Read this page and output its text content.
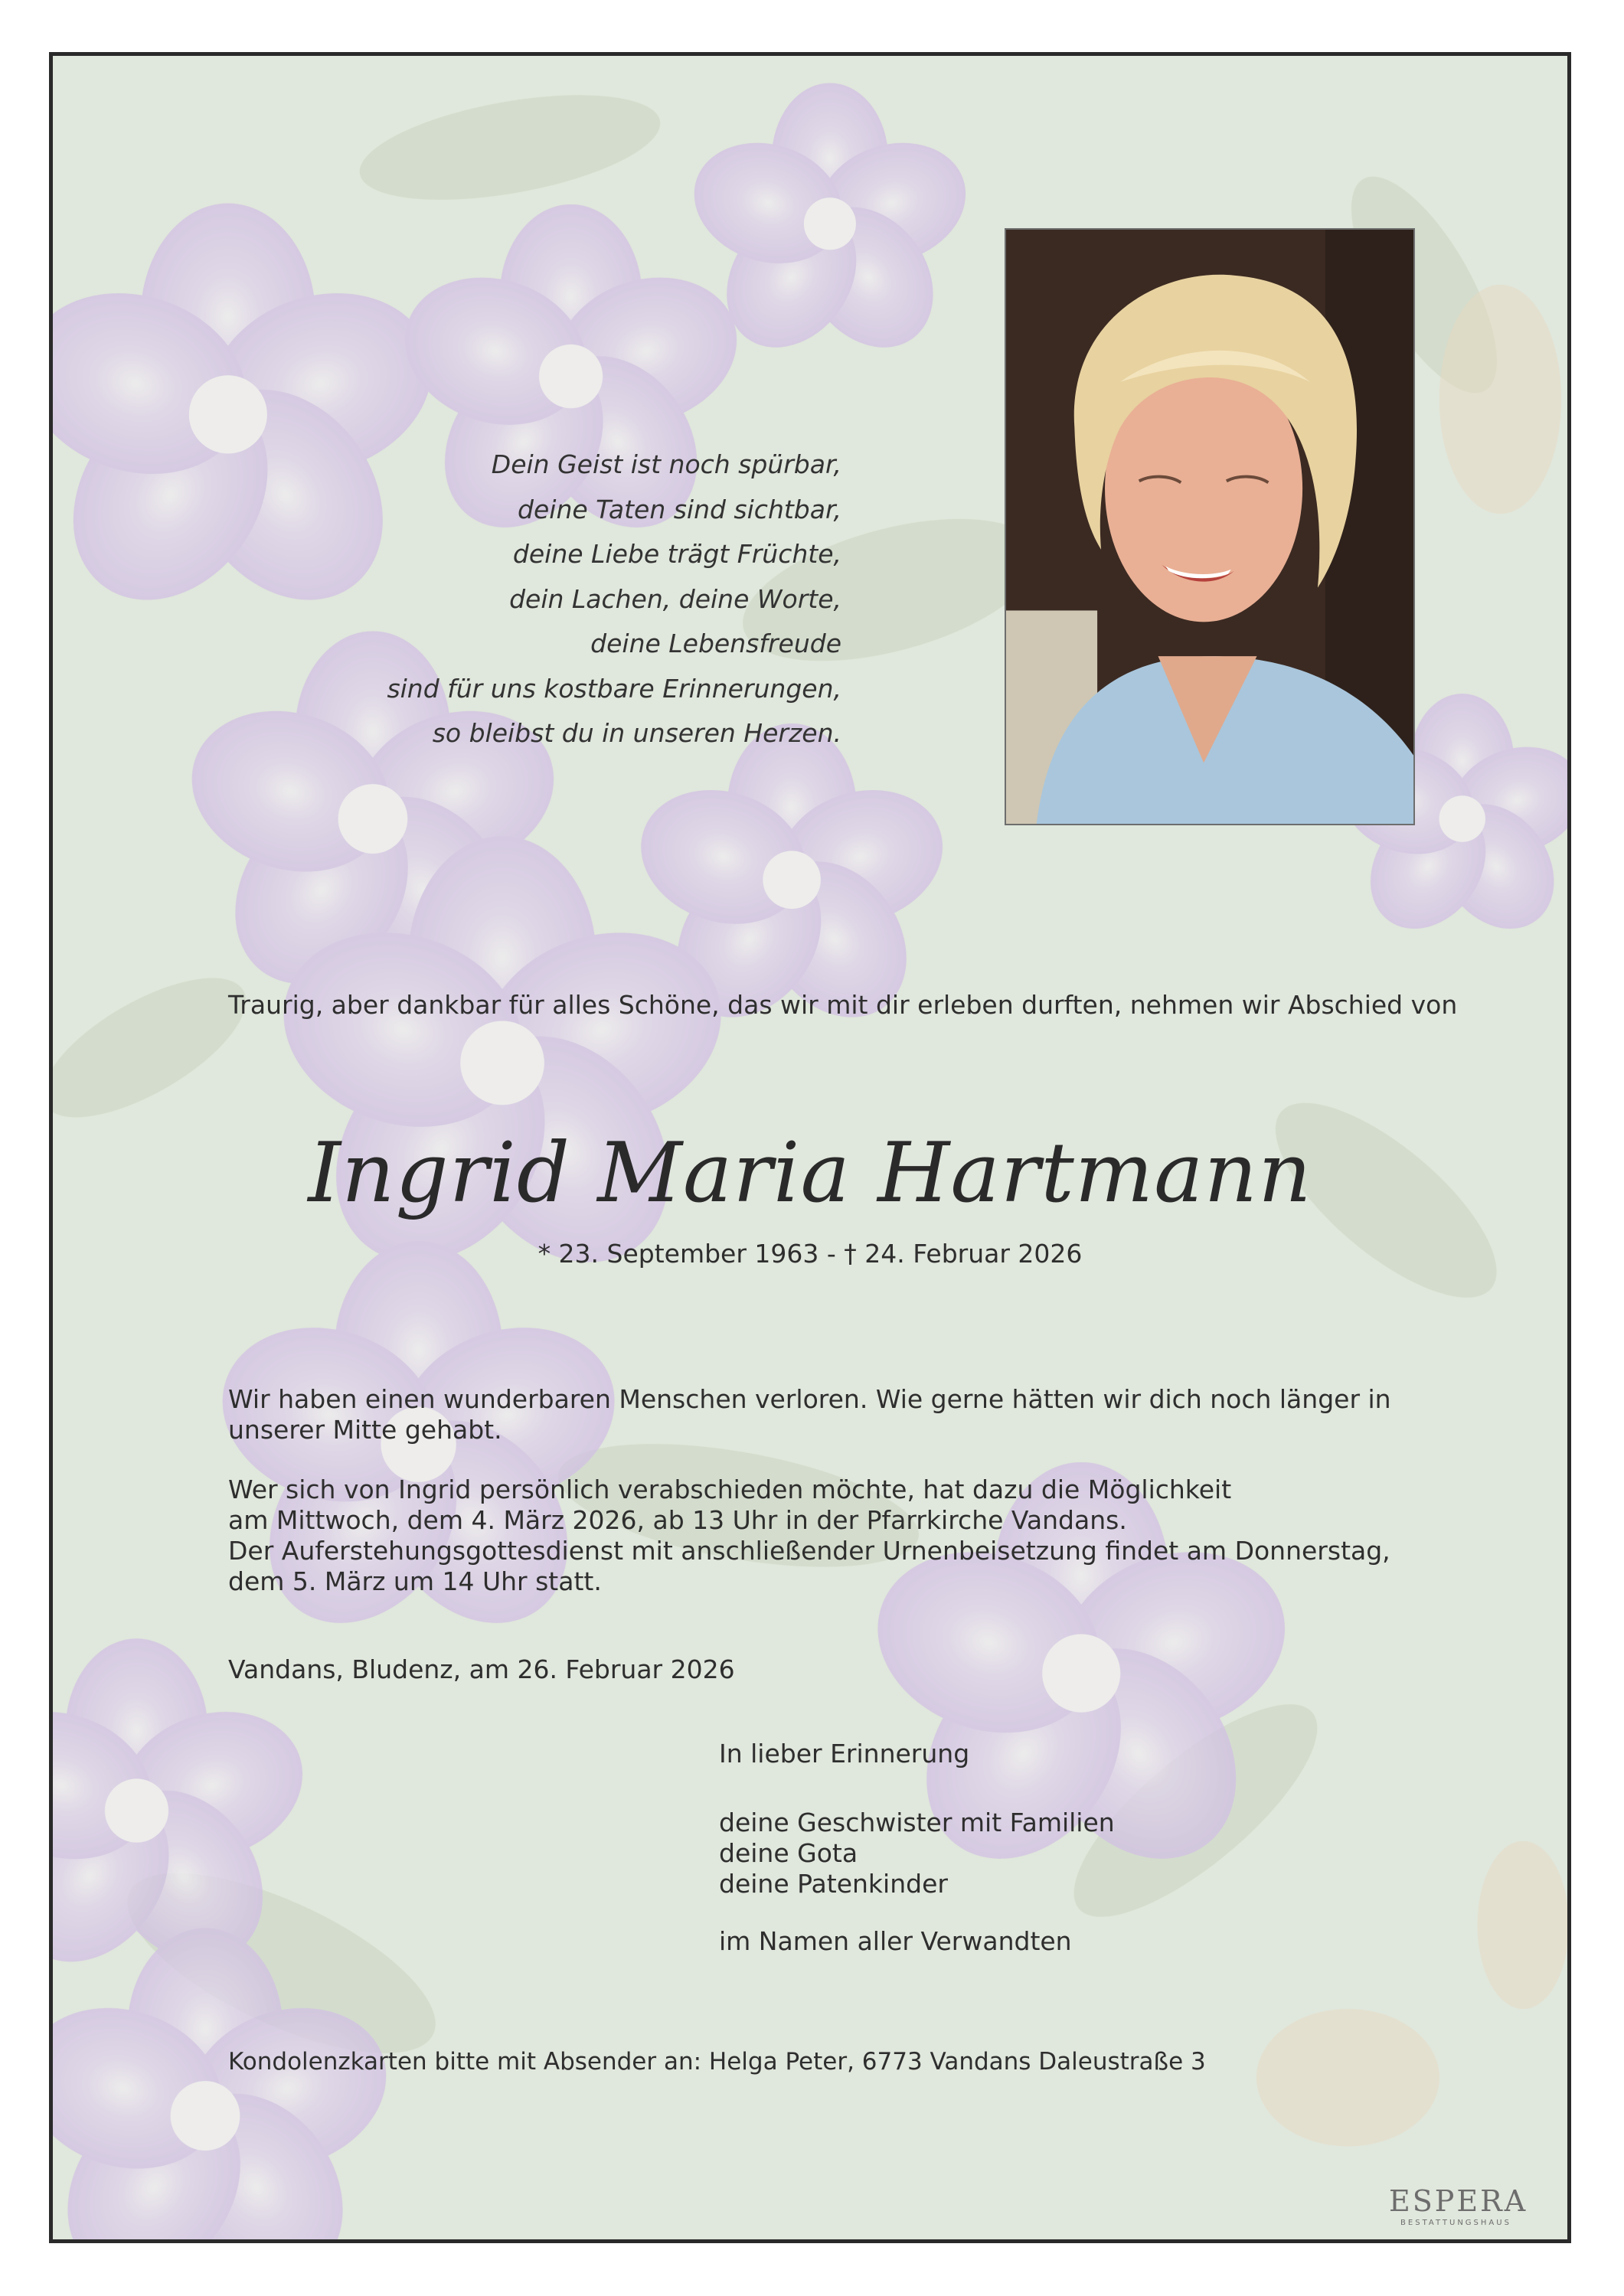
Dein Geist ist noch spürbar,
deine Taten sind sichtbar,
deine Liebe trägt Früchte,
dein Lachen, deine Worte,
deine Lebensfreude
sind für uns kostbare Erinnerungen,
so bleibst du in unseren Herzen.

Traurig, aber dankbar für alles Schöne, das wir mit dir erleben durften, nehmen wir Abschied von

Ingrid Maria Hartmann
* 23. September 1963 - † 24. Februar 2026
Wir haben einen wunderbaren Menschen verloren. Wie gerne hätten wir dich noch länger in
unserer Mitte gehabt.
Wer sich von Ingrid persönlich verabschieden möchte, hat dazu die Möglichkeit
am Mittwoch, dem 4. März 2026, ab 13 Uhr in der Pfarrkirche Vandans.
Der Auferstehungsgottesdienst mit anschließender Urnenbeisetzung findet am Donnerstag,
dem 5. März um 14 Uhr statt.

Vandans, Bludenz, am 26. Februar 2026

In lieber Erinnerung

deine Geschwister mit Familien
deine Gota
deine Patenkinder

im Namen aller Verwandten

Kondolenzkarten bitte mit Absender an: Helga Peter, 6773 Vandans Daleustraße 3

ESPERA
BESTATTUNGSHAUS
